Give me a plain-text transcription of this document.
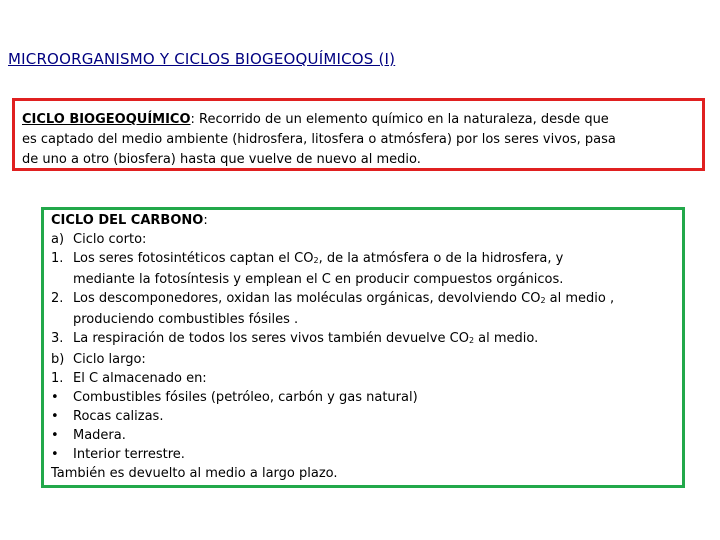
MICROORGANISMO Y CICLOS BIOGEOQUÍMICOS (I)
CICLO BIOGEOQUÍMICO: Recorrido de un elemento químico en la naturaleza, desde que
es captado del medio ambiente (hidrosfera, litosfera o atmósfera) por los seres vivos, pasa
de uno a otro (biosfera) hasta que vuelve de nuevo al medio.
CICLO DEL CARBONO:
a) Ciclo corto:
1. Los seres fotosintéticos captan el $CO_2$, de la atmósfera o de la hidrosfera, y
mediante la fotosíntesis y emplean el C en producir compuestos orgánicos.
2. Los descomponedores, oxidan las moléculas orgánicas, devolviendo $CO_2$ al medio ,
produciendo combustibles fósiles .
3. La respiración de todos los seres vivos también devuelve $CO_2$ al medio.
b) Ciclo largo:
1. El C almacenado en:
•	Combustibles fósiles (petróleo, carbón y gas natural)
•	Rocas calizas.
•	Madera.
•	Interior terrestre.
También es devuelto al medio a largo plazo.
